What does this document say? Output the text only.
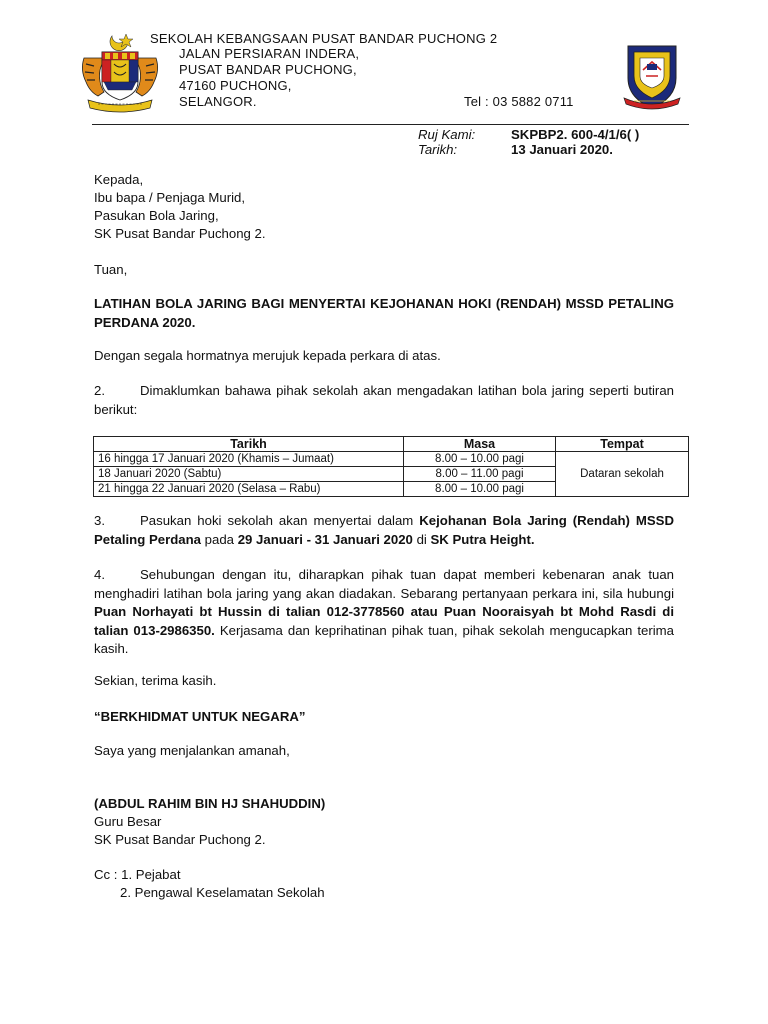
SEKOLAH KEBANGSAAN PUSAT BANDAR PUCHONG 2
JALAN PERSIARAN INDERA,
PUSAT BANDAR PUCHONG,
47160 PUCHONG,
SELANGOR.	Tel : 03 5882 0711
Ruj Kami:	SKPBP2. 600-4/1/6( )
Tarikh:	13 Januari 2020.
Kepada,
Ibu bapa / Penjaga Murid,
Pasukan Bola Jaring,
SK Pusat Bandar Puchong 2.
Tuan,
LATIHAN BOLA JARING BAGI MENYERTAI KEJOHANAN HOKI (RENDAH) MSSD PETALING PERDANA 2020.
Dengan segala hormatnya merujuk kepada perkara di atas.
2.	Dimaklumkan bahawa pihak sekolah akan mengadakan latihan bola jaring seperti butiran berikut:
Tarikh	Masa	Tempat
16 hingga 17 Januari 2020 (Khamis – Jumaat)	8.00 – 10.00 pagi	Dataran sekolah
18 Januari 2020 (Sabtu)	8.00 – 11.00 pagi	
21 hingga 22 Januari 2020 (Selasa – Rabu)	8.00 – 10.00 pagi	
3.	Pasukan hoki sekolah akan menyertai dalam Kejohanan Bola Jaring (Rendah) MSSD Petaling Perdana pada 29 Januari - 31 Januari 2020 di SK Putra Height.
4.	Sehubungan dengan itu, diharapkan pihak tuan dapat memberi kebenaran anak tuan menghadiri latihan bola jaring yang akan diadakan. Sebarang pertanyaan perkara ini, sila hubungi Puan Norhayati bt Hussin di talian 012-3778560 atau Puan Nooraisyah bt Mohd Rasdi di talian 013-2986350. Kerjasama dan keprihatinan pihak tuan, pihak sekolah mengucapkan terima kasih.
Sekian, terima kasih.
“BERKHIDMAT UNTUK NEGARA”
Saya yang menjalankan amanah,
(ABDUL RAHIM BIN HJ SHAHUDDIN)
Guru Besar
SK Pusat Bandar Puchong 2.
Cc : 1. Pejabat
2. Pengawal Keselamatan Sekolah
